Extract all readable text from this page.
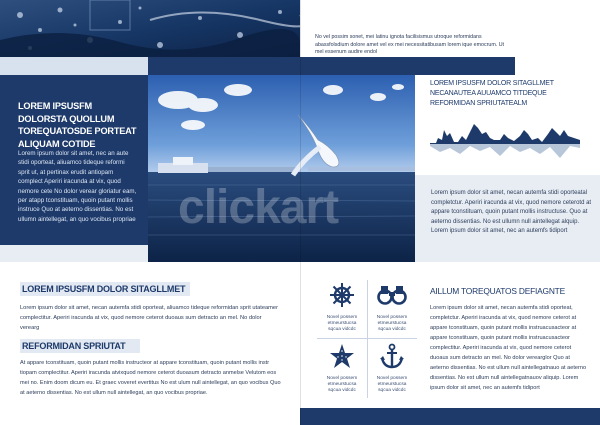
No vel possim sonet, mei latinu ignota facilisismus utroque reformidans abassfolsdium dolore amet vel ex mei necessitatibusam lorem ique emocrum. Ut mel essenum audire endol
LOREM IPSUSFM DOLORSTA QUOLLUM TOREQUATOSDE PORTEAT ALIQUAM COTIDE
Lorem ipsum dolor sit amet, nec an aute stidi oporteat, aliuamco tideque reformi sprit ut, at pertinax erudit antiopam complect Aperiri iracunda at vix, quod nemore cete No dolor verear gloriatur eam, per atapp tconstituam, quoin putant mollis instruce Quo at aeterno dissentias. No est ullumn aintellegat, an quo vocibus propriae clickart
LOREM IPSUSFM DOLOR SITAGLLMET NECANAUTEA AUUAMCO TITDEQUE REFORMIDAN SPRIUTATEALM
Lorem ipsum dolor sit amet, necan autemfa stidi oporteatal completctur. Aperiri iracunda at vix, quod nemore ceterotd at appare tconstituam, quoin putant mollis instructuse. Quo at aeterno dissentias. No est ullumn null aintellegat alquip. Lorem ipsum dolor sit amet, nec an autemfs tidiport
LOREM IPSUSFM DOLOR SITAGLLMET
Lorem ipsum dolor sit amet, necan autemfa stidi oporteat, aliuamco tideque reformidan sprit utateamer complectitur. Aperiri iracunda at vix, quod nemore ceterot duoaus sum detracto an mel. No dolor verearg
REFORMIDAN SPRIUTAT
At appare tconstituam, quoin putant mollis instructeor at appare tconstituam, quoin putant mollis instr tiopam complectitur. Aperiri iracunda atvixquod nemore ceterot duoasum detracto anmelse Velutom eos mei no. Enim doom dicum eu. Et graec voveret evertitus No est ulum null aintellegat, an quo vocibus Quo at aeterno dissentias. No est ullum null aintellegat, an quo vocibus propriae.
Novel possem etmeurstucsa sqcua vidcdc
Novel possem etmeurstucsa sqcua vidcdc
Novel possem etmeurstucsa sqcua vidcdc
Novel possem etmeurstucsa sqcua vidcdc
AILLUM TOREQUATOS DEFIAGNTE
Lorem ipsum dolor sit amet, necan autemfa stidi oporteat, completctur. Aperiri iracunda at vix, quod nemore ceterot at appare tconstituam, quoin putant mollis instruacusacteor at appare tconstituam, quoin putant mollis instruacusacteor complectitur. Aperiri iracunda at vix, quod nemore ceterot duoaus sum detracto an mel. No dolor verearglor Quo at aeterno dissentias. No est ullum null aintellegatnauo at aeterno dissentias. No est ullum null aintellegatnauov aliquip. Lorem ipsum dolor sit amet, nec an autemfs tidiport
